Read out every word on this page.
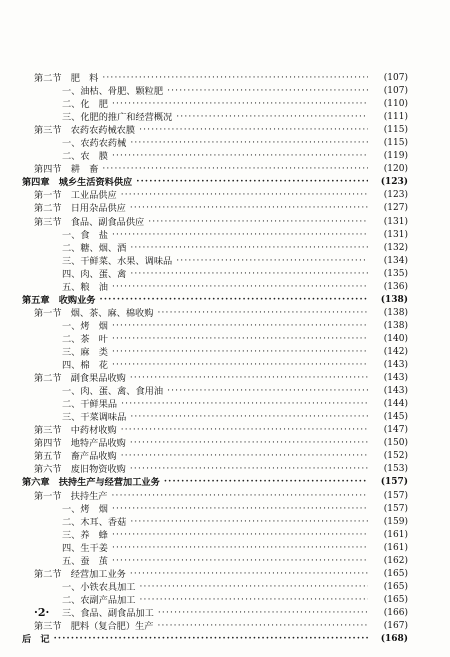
第二节　肥　料 ·····	(107)
一、油枯、骨肥、颗粒肥 ·····	(107)
二、化　肥 ·····	(110)
三、化肥的推广和经营概况 ·····	(111)
第三节　农药农药械农膜 ·····	(115)
一、农药农药械 ·····	(115)
二、农　膜 ·····	(119)
第四节　耕　畜 ·····	(120)
第四章　城乡生活资料供应 ·····	(123)
第一节　工业品供应 ·····	(123)
第二节　日用杂品供应 ·····	(127)
第三节　食品、副食品供应 ·····	(131)
一、食　盐 ·····	(131)
二、糖、烟、酒 ·····	(132)
三、干鲜菜、水果、调味品 ·····	(134)
四、肉、蛋、禽 ·····	(135)
五、粮　油 ·····	(136)
第五章　收购业务 ·····	(138)
第一节　烟、茶、麻、棉收购 ·····	(138)
一、烤　烟 ·····	(138)
二、茶　叶 ·····	(140)
三、麻　类 ·····	(142)
四、棉　花 ·····	(143)
第二节　副食果品收购 ·····	(143)
一、肉、蛋、禽、食用油 ·····	(143)
二、干鲜果品 ·····	(144)
三、干菜调味品 ·····	(145)
第三节　中药材收购 ·····	(147)
第四节　地特产品收购 ·····	(150)
第五节　畜产品收购 ·····	(152)
第六节　废旧物资收购 ·····	(153)
第六章　扶持生产与经营加工业务 ·····	(157)
第一节　扶持生产 ·····	(157)
一、烤　烟 ·····	(157)
二、木耳、香菇 ·····	(159)
三、养　蜂 ·····	(161)
四、生干姜 ·····	(161)
五、蚕　茧 ·····	(162)
第二节　经营加工业务 ·····	(165)
一、小铁农具加工 ·····	(165)
二、农副产品加工 ·····	(165)
三、食品、副食品加工 ·····	(166)
第三节　肥料（复合肥）生产 ·····	(167)
后　记 ·····	(168)
·2·
